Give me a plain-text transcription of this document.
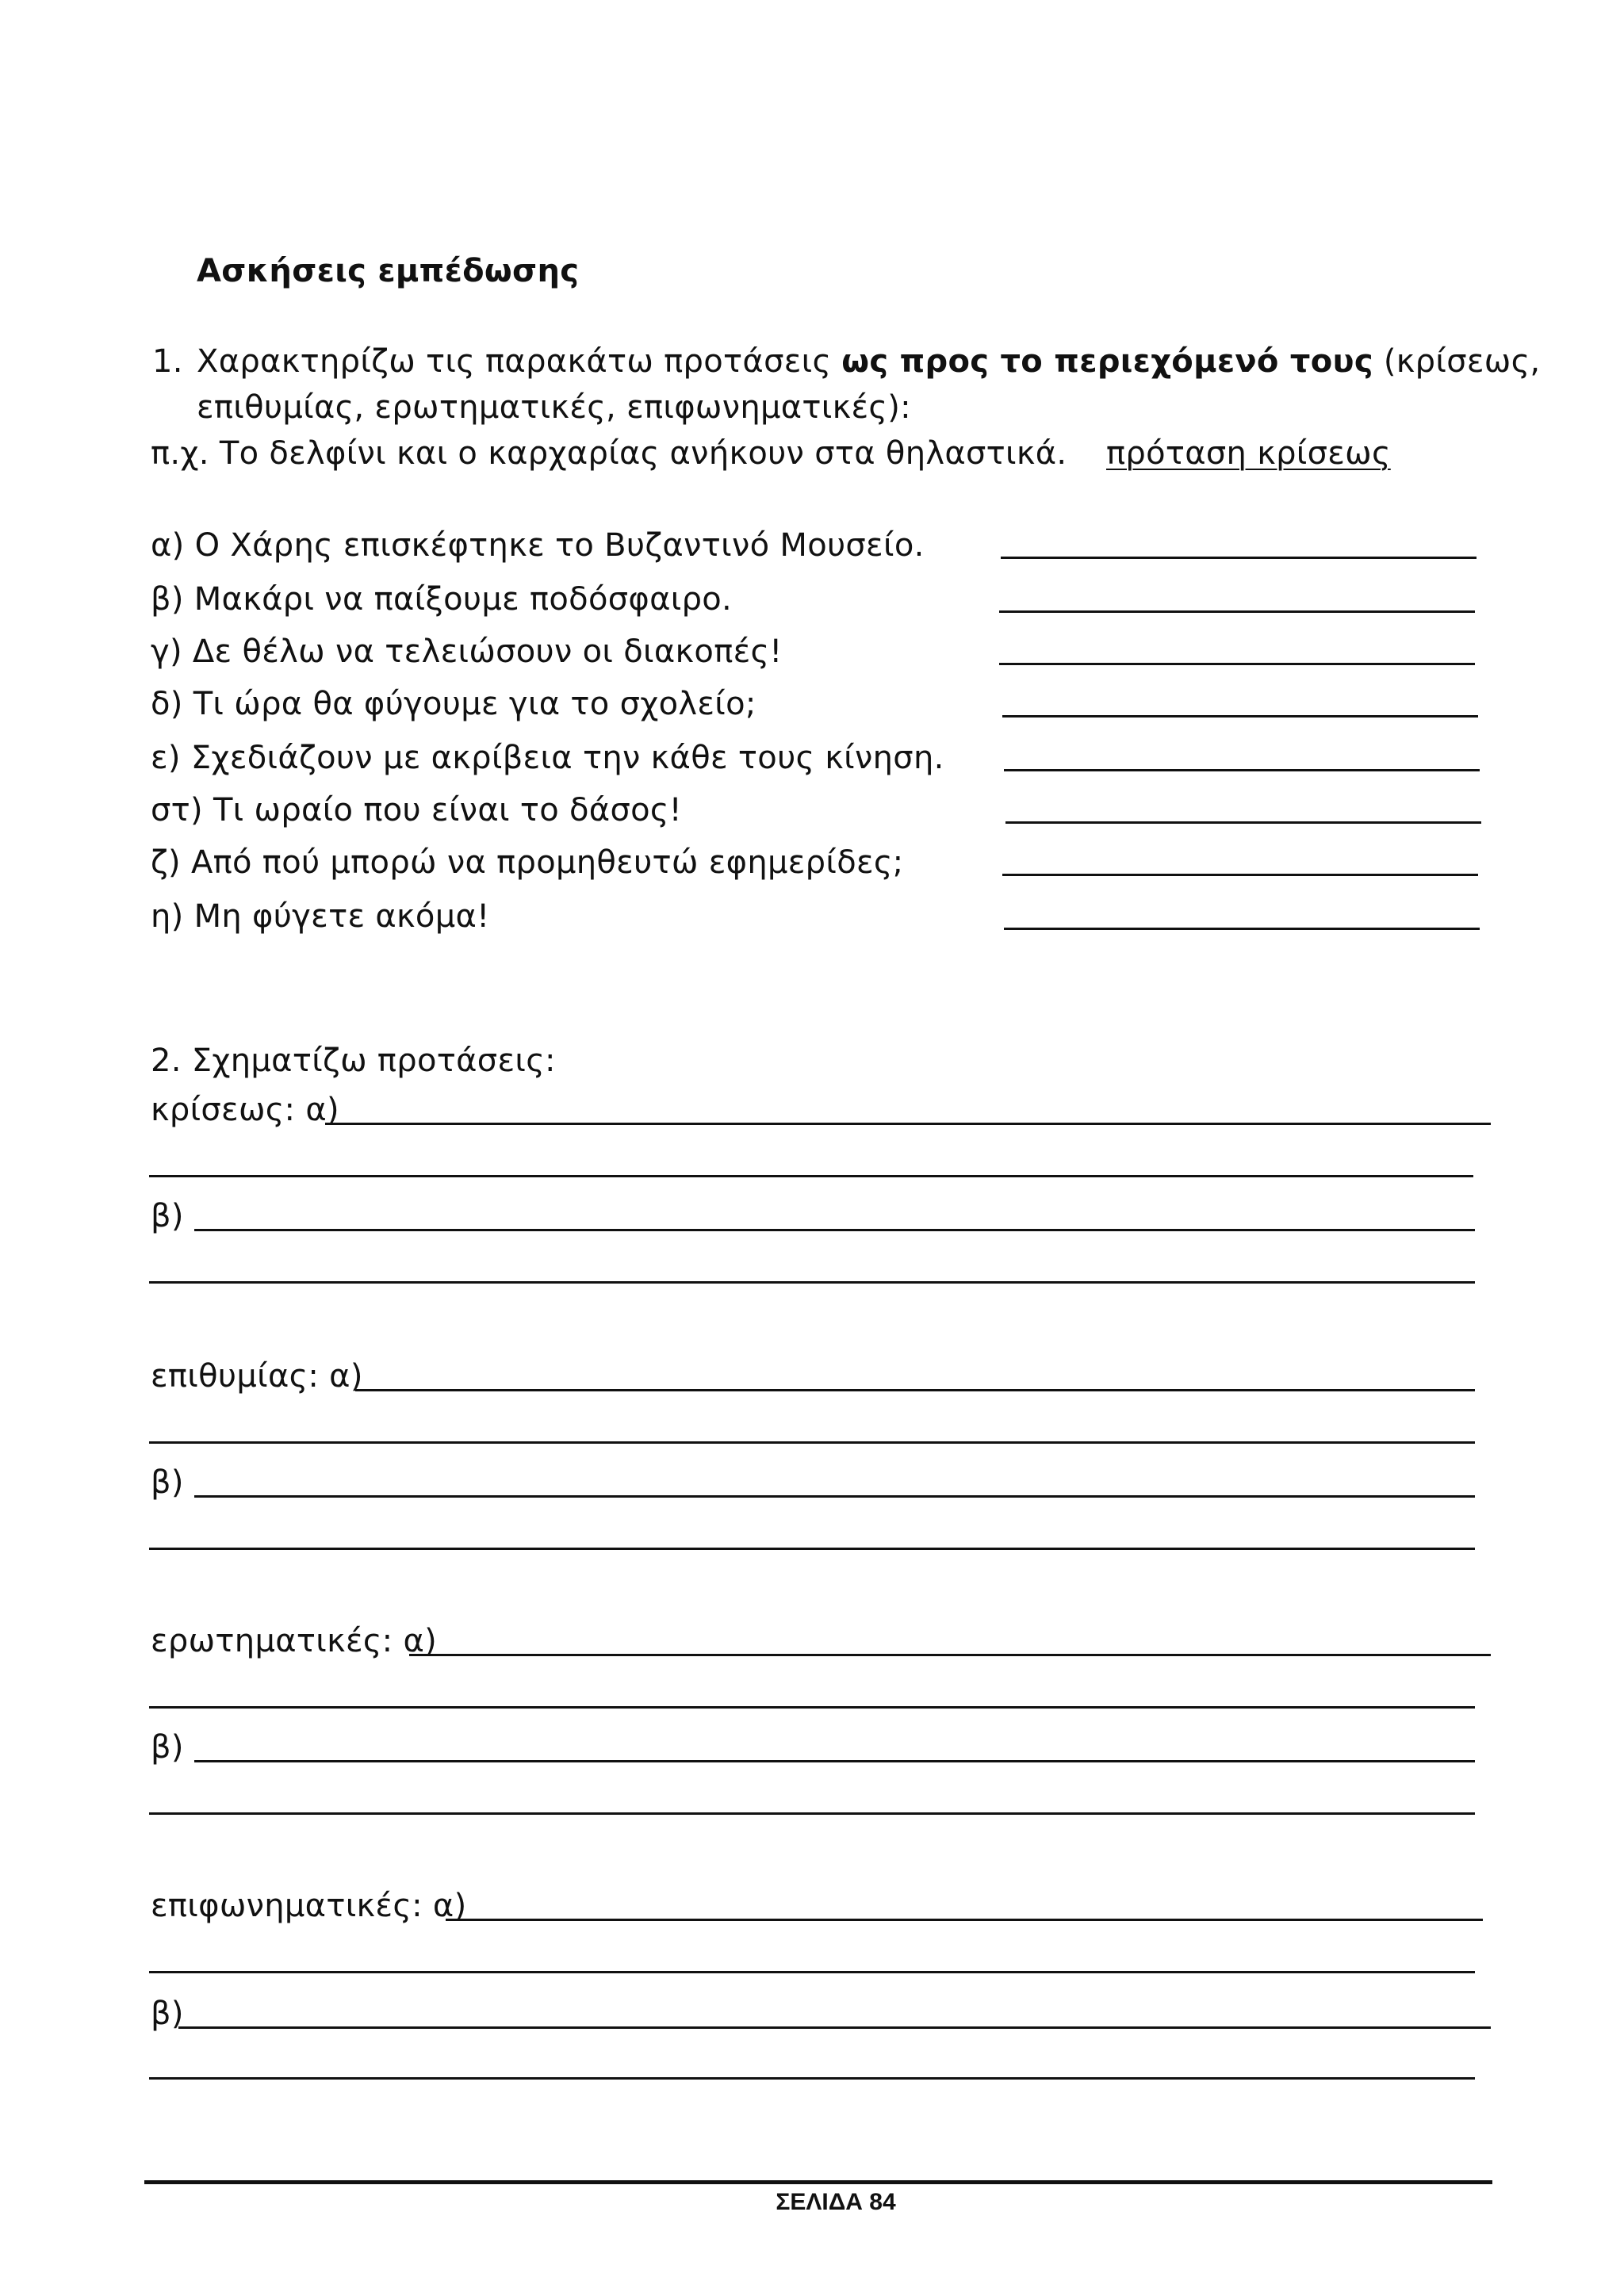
Ασκήσεις εμπέδωσης
1. Χαρακτηρίζω τις παρακάτω προτάσεις ως προς το περιεχόμενό τους (κρίσεως,
επιθυμίας, ερωτηματικές, επιφωνηματικές):
π.χ. Το δελφίνι και ο καρχαρίας ανήκουν στα θηλαστικά. πρόταση κρίσεως
α) Ο Χάρης επισκέφτηκε το Βυζαντινό Μουσείο.
β) Μακάρι να παίξουμε ποδόσφαιρο.
γ) Δε θέλω να τελειώσουν οι διακοπές!
δ) Τι ώρα θα φύγουμε για το σχολείο;
ε) Σχεδιάζουν με ακρίβεια την κάθε τους κίνηση.
στ) Τι ωραίο που είναι το δάσος!
ζ) Από πού μπορώ να προμηθευτώ εφημερίδες;
η) Μη φύγετε ακόμα!
2. Σχηματίζω προτάσεις:
κρίσεως: α)
β)
επιθυμίας: α)
β)
ερωτηματικές: α)
β)
επιφωνηματικές: α)
β)
ΣΕΛΙΔΑ 84
